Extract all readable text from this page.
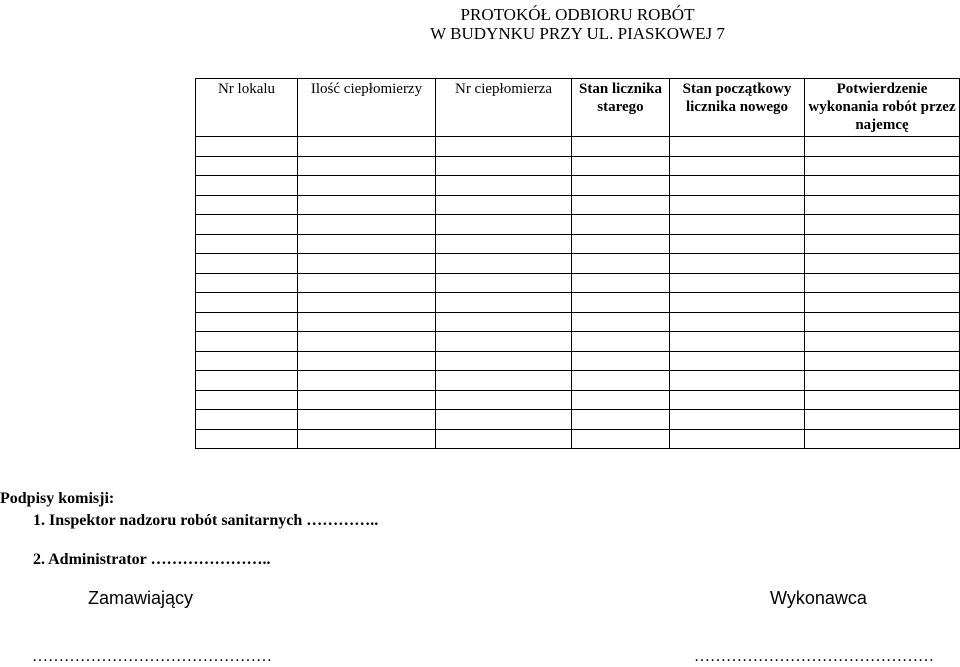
PROTOKÓŁ ODBIORU ROBÓT
W BUDYNKU PRZY UL. PIASKOWEJ 7
Nr lokalu	Ilość ciepłomierzy	Nr ciepłomierza	Stan licznika starego	Stan początkowy licznika nowego	Potwierdzenie wykonania robót przez najemcę

Podpisy komisji:
1. Inspektor nadzoru robót sanitarnych …………..
2. Administrator …………………..
Zamawiający	Wykonawca
………………………………………	………………………………………
